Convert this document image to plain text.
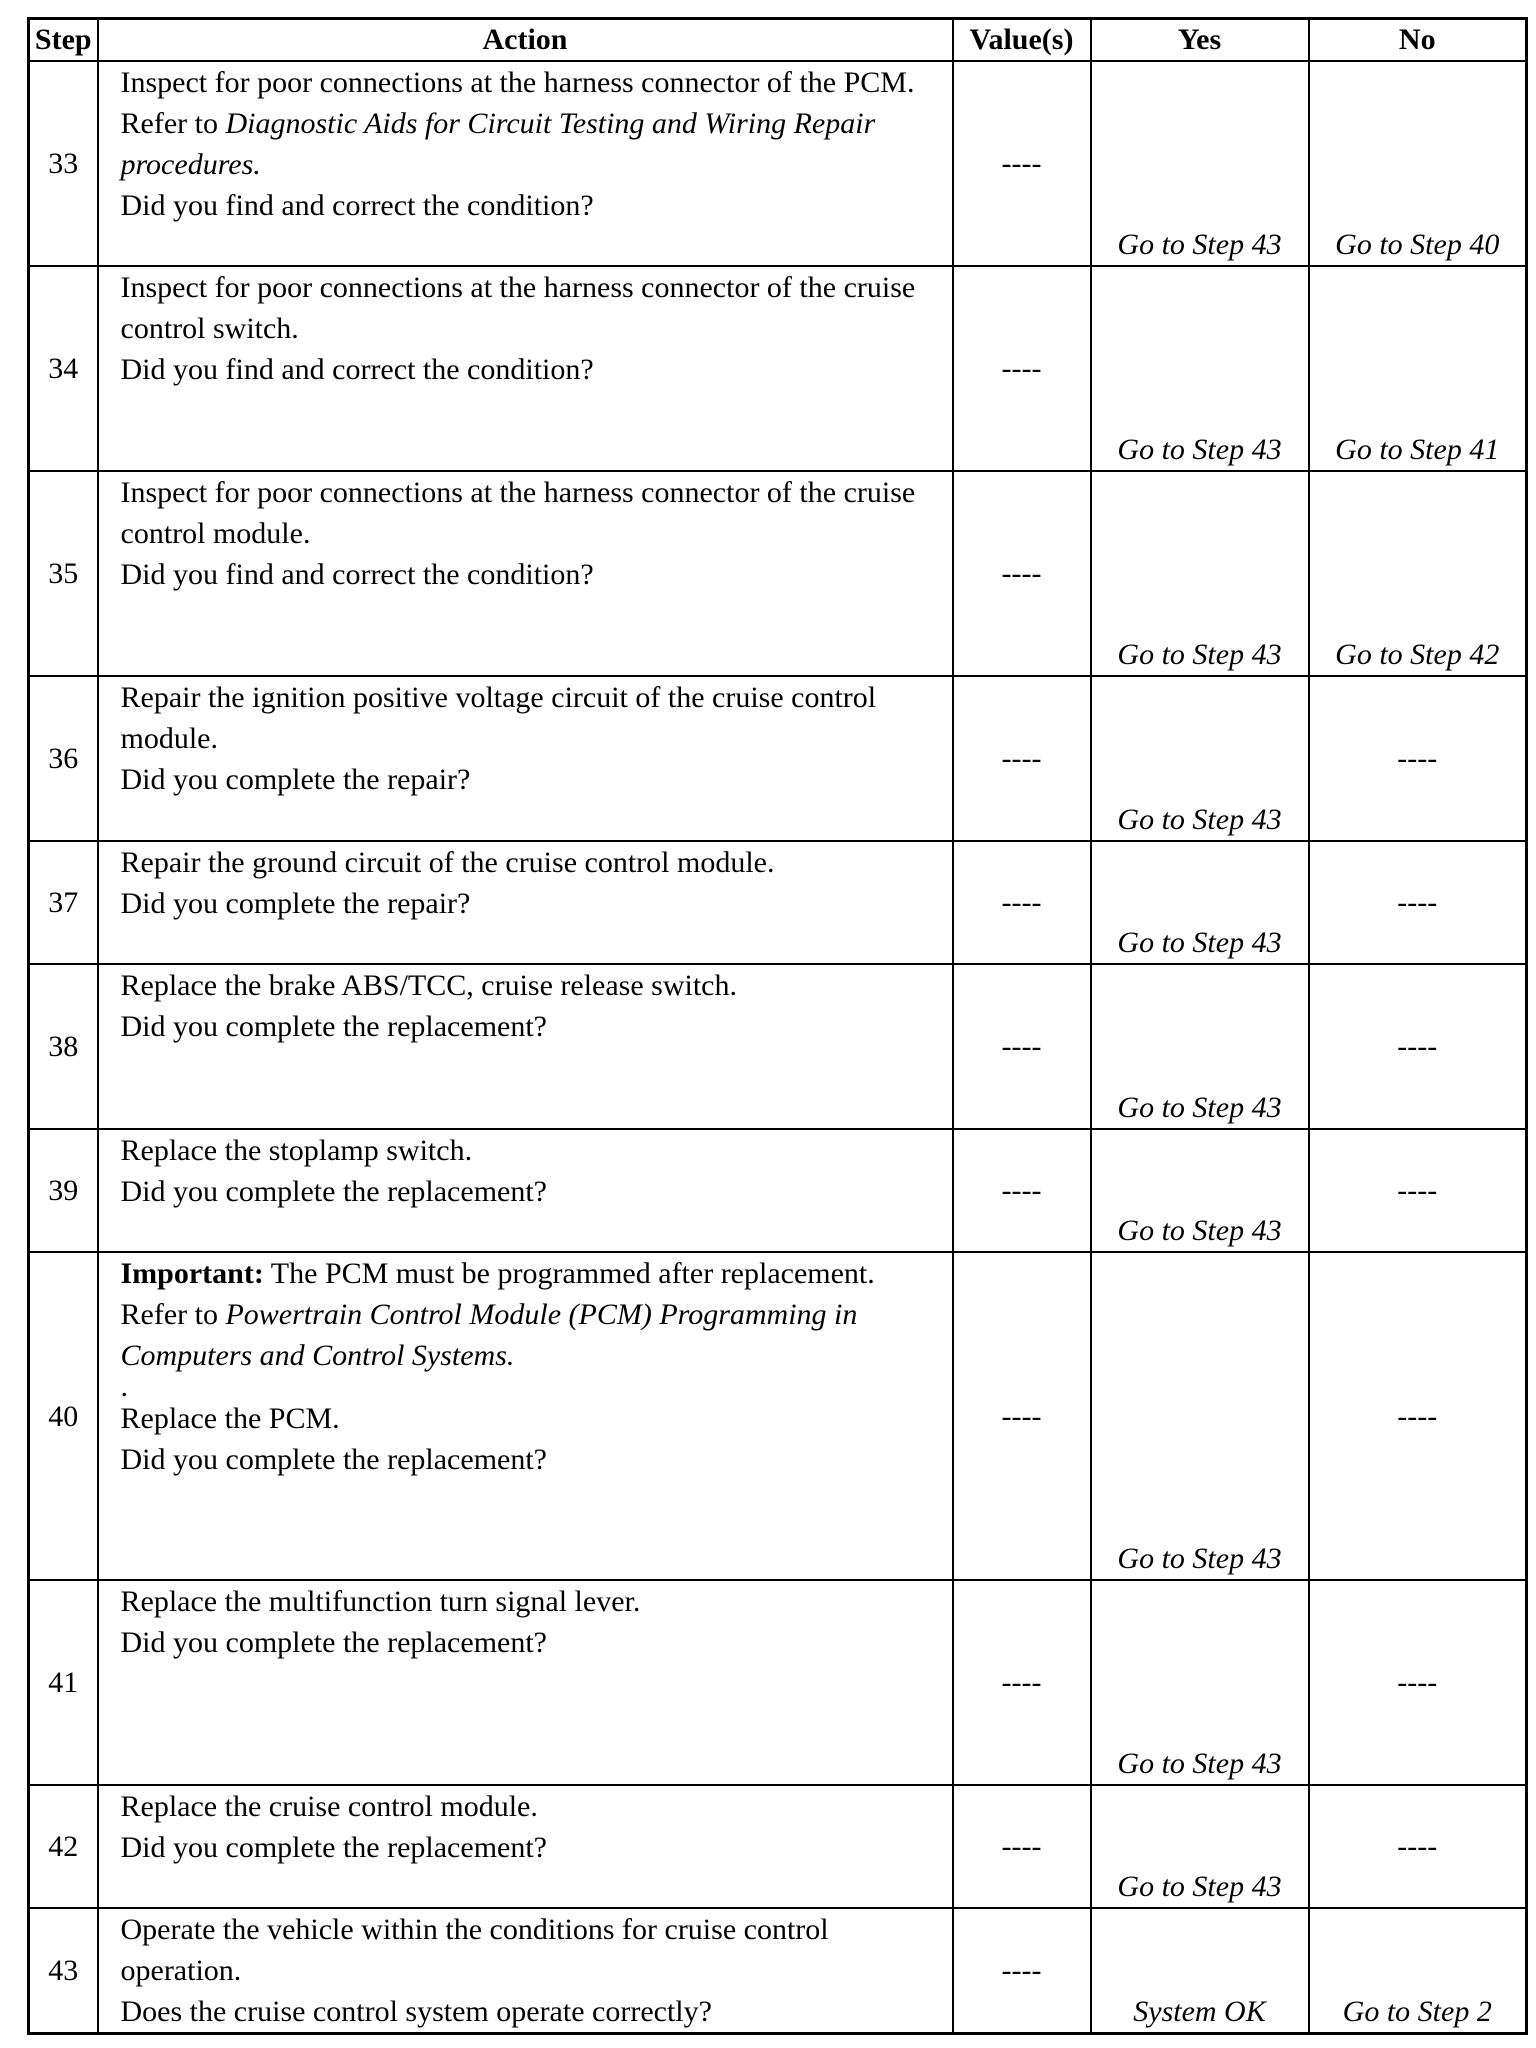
Step	Action	Value(s)	Yes	No
33	Inspect for poor connections at the harness connector of the PCM. Refer to Diagnostic Aids for Circuit Testing and Wiring Repair procedures.
Did you find and correct the condition?	----	Go to Step 43	Go to Step 40
34	Inspect for poor connections at the harness connector of the cruise control switch.
Did you find and correct the condition?	----	Go to Step 43	Go to Step 41
35	Inspect for poor connections at the harness connector of the cruise control module.
Did you find and correct the condition?	----	Go to Step 43	Go to Step 42
36	Repair the ignition positive voltage circuit of the cruise control module.
Did you complete the repair?	----	Go to Step 43	----
37	Repair the ground circuit of the cruise control module.
Did you complete the repair?	----	Go to Step 43	----
38	Replace the brake ABS/TCC, cruise release switch.
Did you complete the replacement?	----	Go to Step 43	----
39	Replace the stoplamp switch.
Did you complete the replacement?	----	Go to Step 43	----
40	Important: The PCM must be programmed after replacement. Refer to Powertrain Control Module (PCM) Programming in Computers and Control Systems.
.
Replace the PCM.
Did you complete the replacement?	----	Go to Step 43	----
41	Replace the multifunction turn signal lever.
Did you complete the replacement?	----	Go to Step 43	----
42	Replace the cruise control module.
Did you complete the replacement?	----	Go to Step 43	----
43	Operate the vehicle within the conditions for cruise control operation.
Does the cruise control system operate correctly?	----	System OK	Go to Step 2
